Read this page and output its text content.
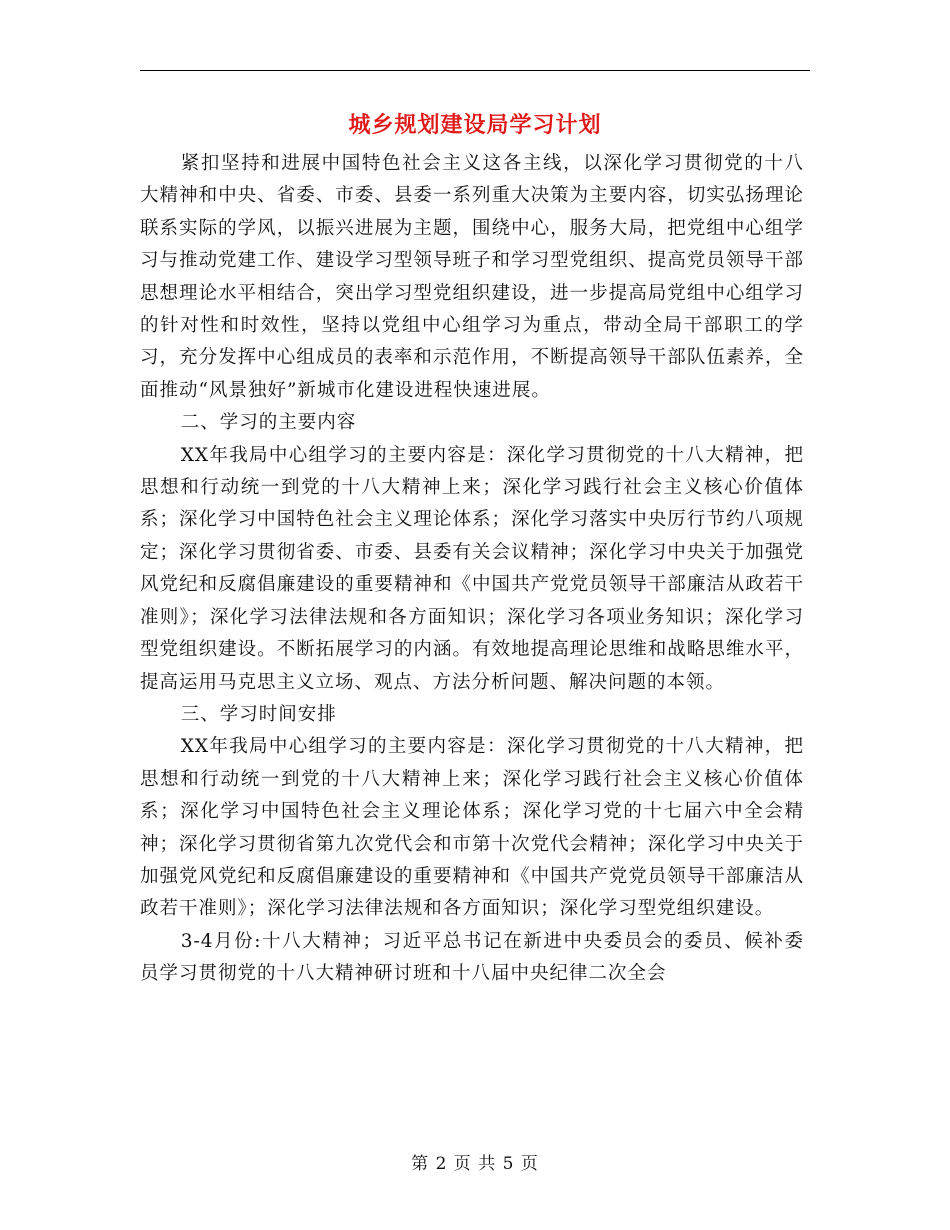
城乡规划建设局学习计划

紧扣坚持和进展中国特色社会主义这各主线，以深化学习贯彻党的十八大精神和中央、省委、市委、县委一系列重大决策为主要内容，切实弘扬理论联系实际的学风，以振兴进展为主题，围绕中心，服务大局，把党组中心组学习与推动党建工作、建设学习型领导班子和学习型党组织、提高党员领导干部思想理论水平相结合，突出学习型党组织建设，进一步提高局党组中心组学习的针对性和时效性，坚持以党组中心组学习为重点，带动全局干部职工的学习，充分发挥中心组成员的表率和示范作用，不断提高领导干部队伍素养，全面推动“风景独好”新城市化建设进程快速进展。

二、学习的主要内容

XX年我局中心组学习的主要内容是：深化学习贯彻党的十八大精神，把思想和行动统一到党的十八大精神上来；深化学习践行社会主义核心价值体系；深化学习中国特色社会主义理论体系；深化学习落实中央厉行节约八项规定；深化学习贯彻省委、市委、县委有关会议精神；深化学习中央关于加强党风党纪和反腐倡廉建设的重要精神和《中国共产党党员领导干部廉洁从政若干准则》；深化学习法律法规和各方面知识；深化学习各项业务知识；深化学习型党组织建设。不断拓展学习的内涵。有效地提高理论思维和战略思维水平，提高运用马克思主义立场、观点、方法分析问题、解决问题的本领。

三、学习时间安排

XX年我局中心组学习的主要内容是：深化学习贯彻党的十八大精神，把思想和行动统一到党的十八大精神上来；深化学习践行社会主义核心价值体系；深化学习中国特色社会主义理论体系；深化学习党的十七届六中全会精神；深化学习贯彻省第九次党代会和市第十次党代会精神；深化学习中央关于加强党风党纪和反腐倡廉建设的重要精神和《中国共产党党员领导干部廉洁从政若干准则》；深化学习法律法规和各方面知识；深化学习型党组织建设。

3-4月份:十八大精神；习近平总书记在新进中央委员会的委员、候补委员学习贯彻党的十八大精神研讨班和十八届中央纪律二次全会

第 2 页 共 5 页
